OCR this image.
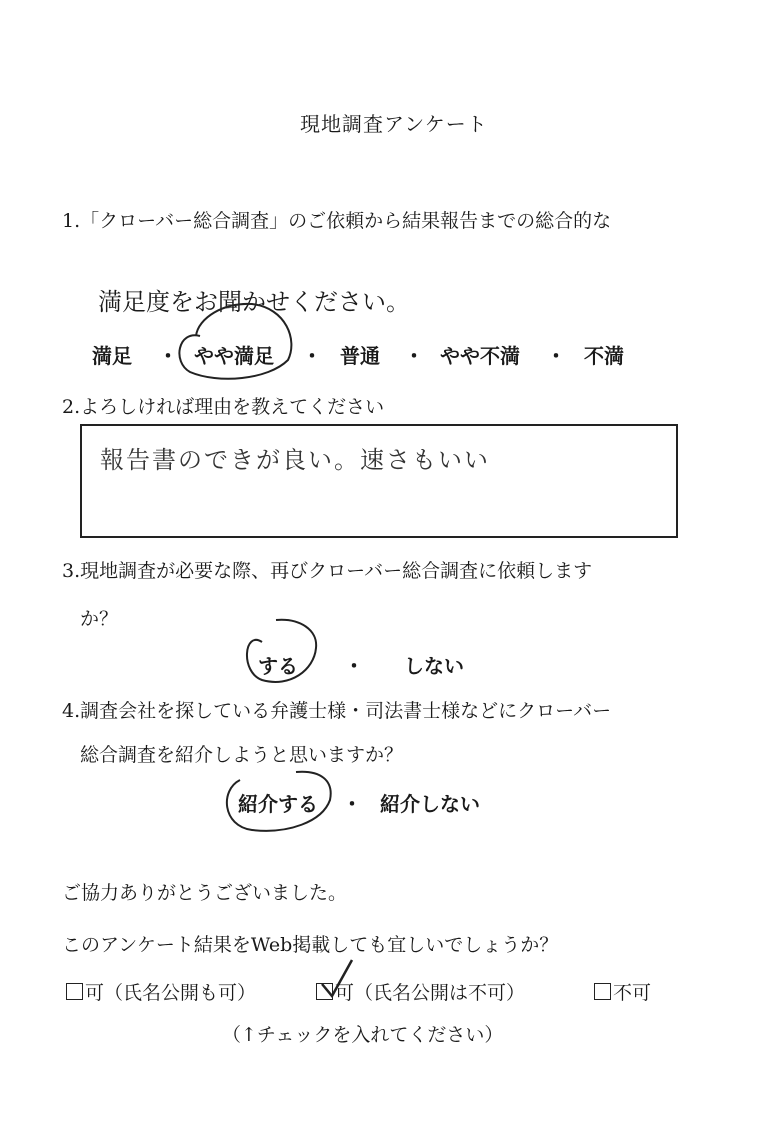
現地調査アンケート
1.「クローバー総合調査」のご依頼から結果報告までの総合的な
満足度をお聞かせください。
満足 ・ やや満足 ・ 普通 ・ やや不満 ・ 不満
2.よろしければ理由を教えてください
報告書のできが良い。速さもいい
3.現地調査が必要な際、再びクローバー総合調査に依頼します
か？
する ・ しない
4.調査会社を探している弁護士様・司法書士様などにクローバー
総合調査を紹介しようと思いますか？
紹介する ・ 紹介しない
ご協力ありがとうございました。
このアンケート結果をWeb掲載しても宜しいでしょうか？
可（氏名公開も可）	可（氏名公開は不可）	不可
（↑チェックを入れてください）
